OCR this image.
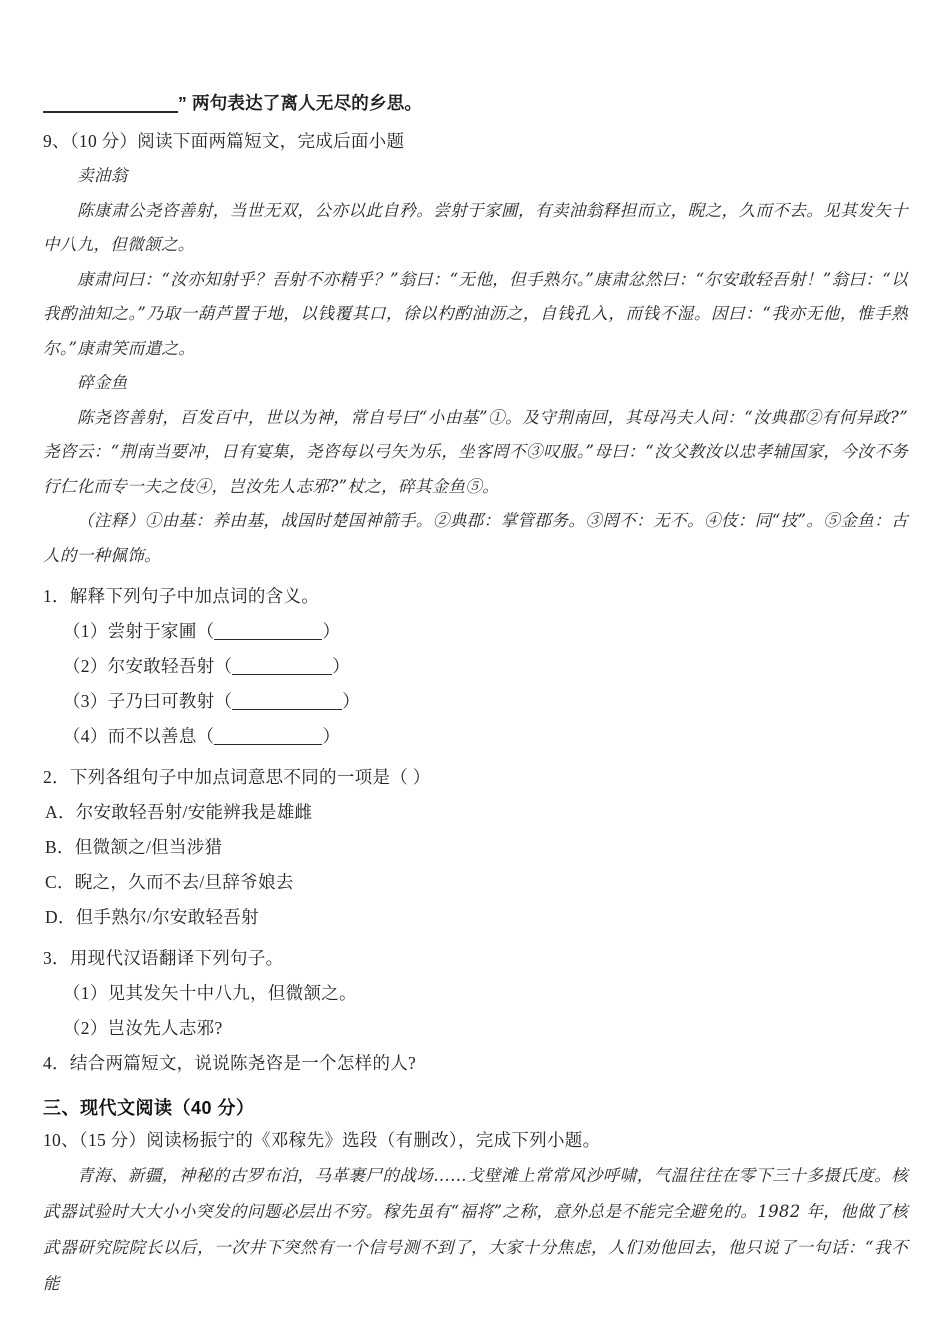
” 两句表达了离人无尽的乡思。
9、（10 分）阅读下面两篇短文，完成后面小题
卖油翁
陈康肃公尧咨善射，当世无双，公亦以此自矜。尝射于家圃，有卖油翁释担而立，睨之，久而不去。见其发矢十中八九，但微颔之。
康肃问曰：“汝亦知射乎？吾射不亦精乎？”翁曰：“无他，但手熟尔。”康肃忿然曰：“尔安敢轻吾射！”翁曰：“以我酌油知之。”乃取一葫芦置于地，以钱覆其口，徐以杓酌油沥之，自钱孔入，而钱不湿。因曰：“我亦无他，惟手熟尔。”康肃笑而遣之。
碎金鱼
陈尧咨善射，百发百中，世以为神，常自号曰“小由基”①。及守荆南回，其母冯夫人问：“汝典郡②有何异政?”尧咨云：“荆南当要冲，日有宴集，尧咨每以弓矢为乐，坐客罔不③叹服。”母曰：“汝父教汝以忠孝辅国家，今汝不务行仁化而专一夫之伎④，岂汝先人志邪?”杖之，碎其金鱼⑤。
（注释）①由基：养由基，战国时楚国神箭手。②典郡：掌管郡务。③罔不：无不。④伎：同“技”。⑤金鱼：古人的一种佩饰。
1．解释下列句子中加点词的含义。
（1）尝射于家圃（	）
（2）尔安敢轻吾射（	）
（3）子乃曰可教射（	）
（4）而不以善息（	）
2．下列各组句子中加点词意思不同的一项是（ ）
A．尔安敢轻吾射/安能辨我是雄雌
B．但微颔之/但当涉猎
C．睨之，久而不去/旦辞爷娘去
D．但手熟尔/尔安敢轻吾射
3．用现代汉语翻译下列句子。
（1）见其发矢十中八九，但微颔之。
（2）岂汝先人志邪?
4．结合两篇短文，说说陈尧咨是一个怎样的人?
三、现代文阅读（40 分）
10、（15 分）阅读杨振宁的《邓稼先》选段（有删改），完成下列小题。
青海、新疆，神秘的古罗布泊，马革裹尸的战场……戈壁滩上常常风沙呼啸，气温往往在零下三十多摄氏度。核武器试验时大大小小突发的问题必层出不穷。稼先虽有“福将”之称，意外总是不能完全避免的。1982 年，他做了核武器研究院院长以后，一次井下突然有一个信号测不到了，大家十分焦虑，人们劝他回去，他只说了一句话：“我不能
